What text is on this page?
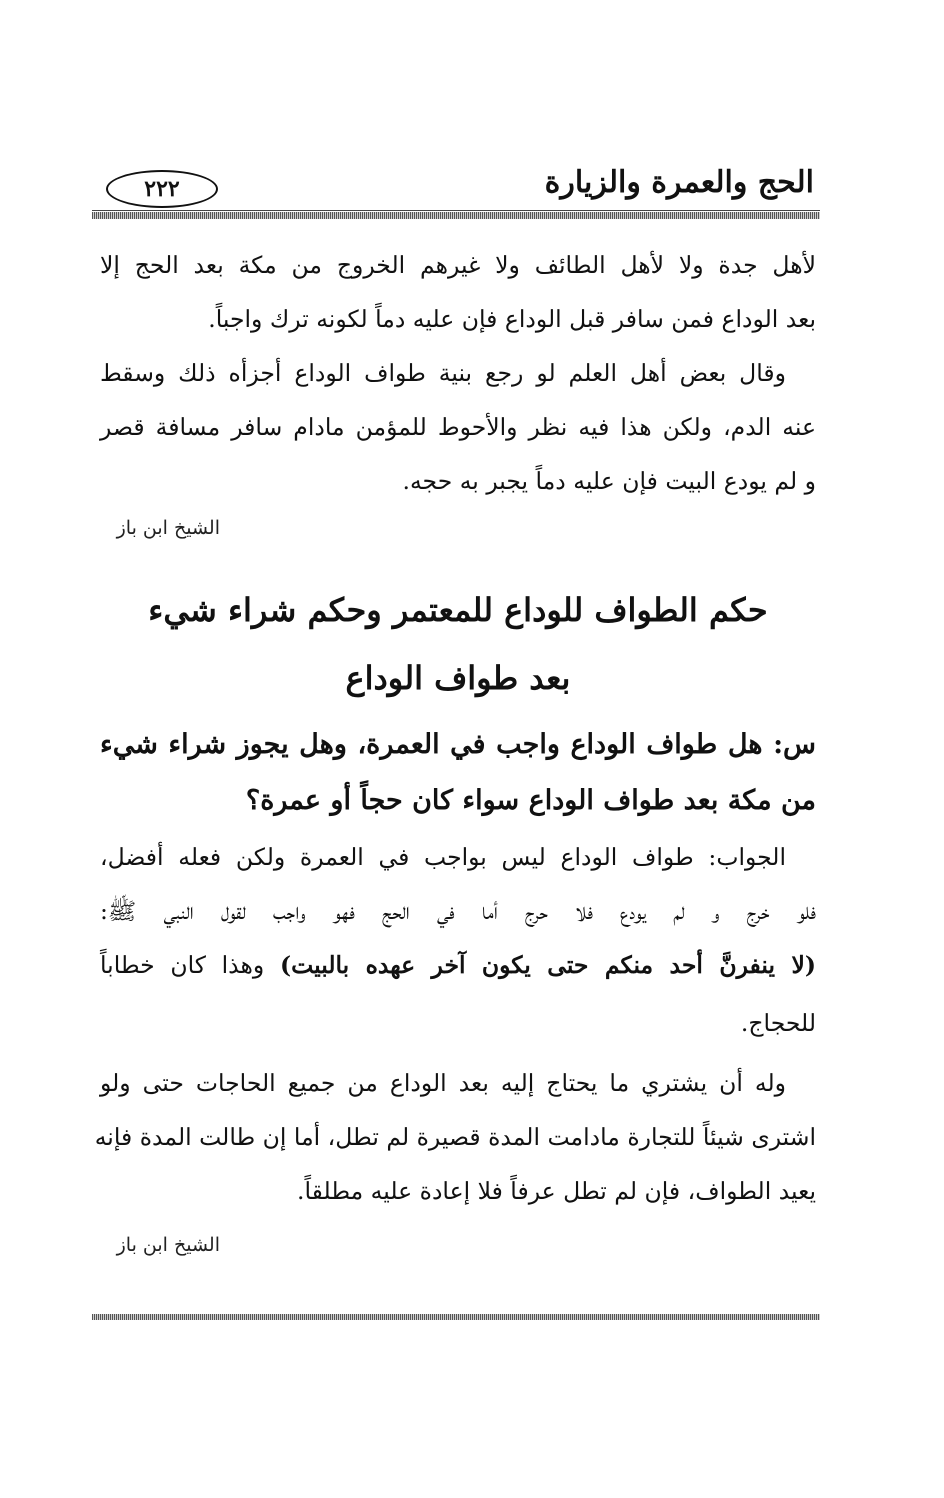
الحج والعمرة والزيارة
٢٢٢
لأهل جدة ولا لأهل الطائف ولا غيرهم الخروج من مكة بعد الحج إلا
بعد الوداع فمن سافر قبل الوداع فإن عليه دماً لكونه ترك واجباً.
وقال بعض أهل العلم لو رجع بنية طواف الوداع أجزأه ذلك وسقط
عنه الدم، ولكن هذا فيه نظر والأحوط للمؤمن مادام سافر مسافة قصر
و لم يودع البيت فإن عليه دماً يجبر به حجه.
الشيخ ابن باز
حكم الطواف للوداع للمعتمر وحكم شراء شيء
بعد طواف الوداع
س: هل طواف الوداع واجب في العمرة، وهل يجوز شراء شيء
من مكة بعد طواف الوداع سواء كان حجاً أو عمرة؟
الجواب: طواف الوداع ليس بواجب في العمرة ولكن فعله أفضل،
فلو خرج و لم يودع فلا حرج أما في الحج فهو واجب لقول النبي ﷺ:
(لا ينفرنَّ أحد منكم حتى يكون آخر عهده بالبيت) وهذا كان خطاباً
للحجاج.
وله أن يشتري ما يحتاج إليه بعد الوداع من جميع الحاجات حتى ولو
اشترى شيئاً للتجارة مادامت المدة قصيرة لم تطل، أما إن طالت المدة فإنه
يعيد الطواف، فإن لم تطل عرفاً فلا إعادة عليه مطلقاً.
الشيخ ابن باز
